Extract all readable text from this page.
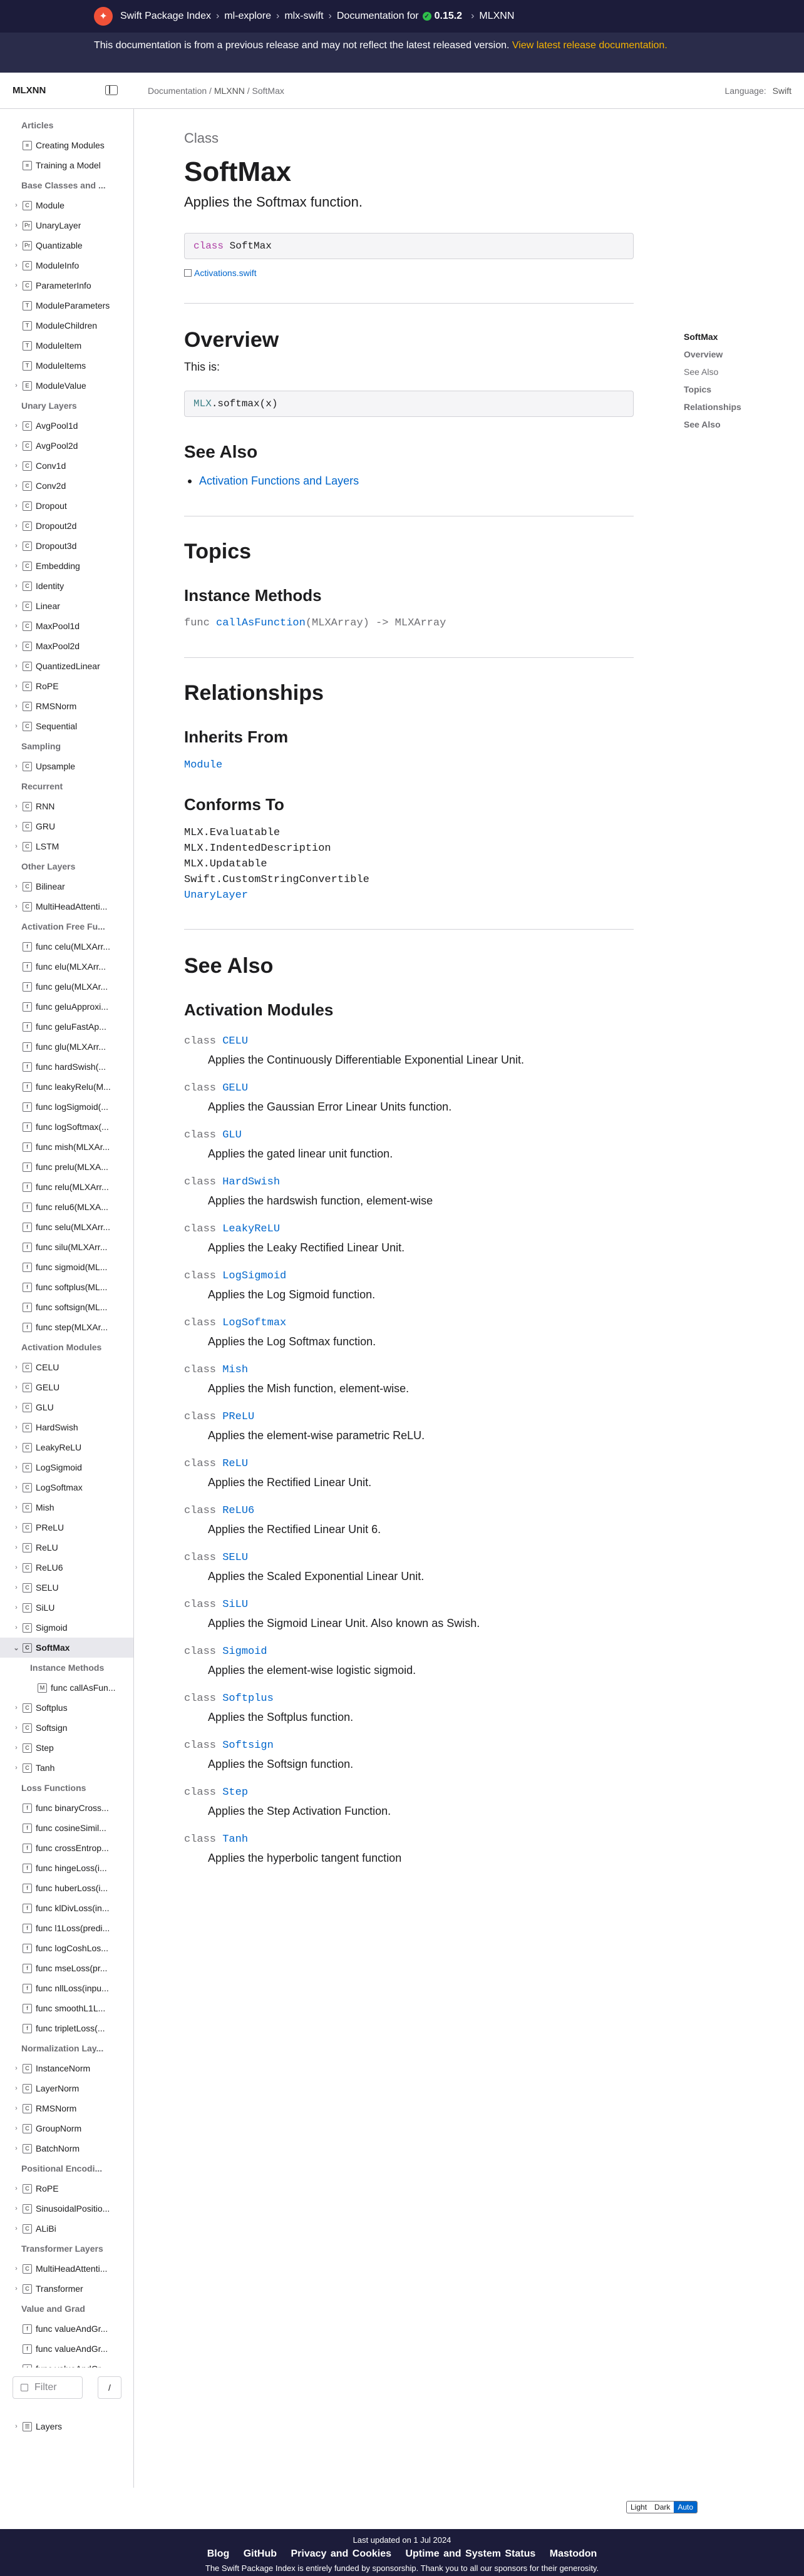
✦	Swift Package Index › ml-explore › mlx-swift › Documentation for ✓ 0.15.2 › MLXNN
This documentation is from a previous release and may not reflect the latest released version. View latest release documentation.
MLXNN	Documentation / MLXNN / SoftMax	Language: Swift
Articles
≡ Creating Modules
≡ Training a Model
Base Classes and ...
›	C Module
›	Pr UnaryLayer
›	Pr Quantizable
›	C ModuleInfo
›	C ParameterInfo
T ModuleParameters
T ModuleChildren
T ModuleItem
T ModuleItems
›	E ModuleValue
Unary Layers
›	C AvgPool1d
›	C AvgPool2d
›	C Conv1d
›	C Conv2d
›	C Dropout
›	C Dropout2d
›	C Dropout3d
›	C Embedding
›	C Identity
›	C Linear
›	C MaxPool1d
›	C MaxPool2d
›	C QuantizedLinear
›	C RoPE
›	C RMSNorm
›	C Sequential
Sampling
›	C Upsample
Recurrent
›	C RNN
›	C GRU
›	C LSTM
Other Layers
›	C Bilinear
›	C MultiHeadAttenti...
Activation Free Fu...
f func celu(MLXArr...
f func elu(MLXArr...
f func gelu(MLXAr...
f func geluApproxi...
f func geluFastAp...
f func glu(MLXArr...
f func hardSwish(...
f func leakyRelu(M...
f func logSigmoid(...
f func logSoftmax(...
f func mish(MLXAr...
f func prelu(MLXA...
f func relu(MLXArr...
f func relu6(MLXA...
f func selu(MLXArr...
f func silu(MLXArr...
f func sigmoid(ML...
f func softplus(ML...
f func softsign(ML...
f func step(MLXAr...
Activation Modules
›	C CELU
›	C GELU
›	C GLU
›	C HardSwish
›	C LeakyReLU
›	C LogSigmoid
›	C LogSoftmax
›	C Mish
›	C PReLU
›	C ReLU
›	C ReLU6
›	C SELU
›	C SiLU
›	C Sigmoid
⌄	C SoftMax
Instance Methods
M func callAsFun...
›	C Softplus
›	C Softsign
›	C Step
›	C Tanh
Loss Functions
f func binaryCross...
f func cosineSimil...
f func crossEntrop...
f func hingeLoss(i...
f func huberLoss(i...
f func klDivLoss(in...
f func l1Loss(predi...
f func logCoshLos...
f func mseLoss(pr...
f func nllLoss(inpu...
f func smoothL1L...
f func tripletLoss(...
Normalization Lay...
›	C InstanceNorm
›	C LayerNorm
›	C RMSNorm
›	C GroupNorm
›	C BatchNorm
Positional Encodi...
›	C RoPE
›	C SinusoidalPositio...
›	C ALiBi
Transformer Layers
›	C MultiHeadAttenti...
›	C Transformer
Value and Grad
f func valueAndGr...
f func valueAndGr...
Filter	/
›	☰ Layers
Class
SoftMax
Applies the Softmax function.
class SoftMax
Activations.swift
Overview
This is:
MLX.softmax(x)
See Also
Activation Functions and Layers
Topics
Instance Methods
func callAsFunction(MLXArray) -> MLXArray
Relationships
Inherits From
Module
Conforms To
MLX.Evaluatable
MLX.IndentedDescription
MLX.Updatable
Swift.CustomStringConvertible
UnaryLayer
See Also
Activation Modules
class CELU
Applies the Continuously Differentiable Exponential Linear Unit.
class GELU
Applies the Gaussian Error Linear Units function.
class GLU
Applies the gated linear unit function.
class HardSwish
Applies the hardswish function, element-wise
class LeakyReLU
Applies the Leaky Rectified Linear Unit.
class LogSigmoid
Applies the Log Sigmoid function.
class LogSoftmax
Applies the Log Softmax function.
class Mish
Applies the Mish function, element-wise.
class PReLU
Applies the element-wise parametric ReLU.
class ReLU
Applies the Rectified Linear Unit.
class ReLU6
Applies the Rectified Linear Unit 6.
class SELU
Applies the Scaled Exponential Linear Unit.
class SiLU
Applies the Sigmoid Linear Unit. Also known as Swish.
class Sigmoid
Applies the element-wise logistic sigmoid.
class Softplus
Applies the Softplus function.
class Softsign
Applies the Softsign function.
class Step
Applies the Step Activation Function.
class Tanh
Applies the hyperbolic tangent function
SoftMax
Overview
See Also
Topics
Relationships
See Also
Light	Dark	Auto
Last updated on 1 Jul 2024
Blog GitHub Privacy and Cookies Uptime and System Status Mastodon
The Swift Package Index is entirely funded by sponsorship. Thank you to all our sponsors for their generosity.
